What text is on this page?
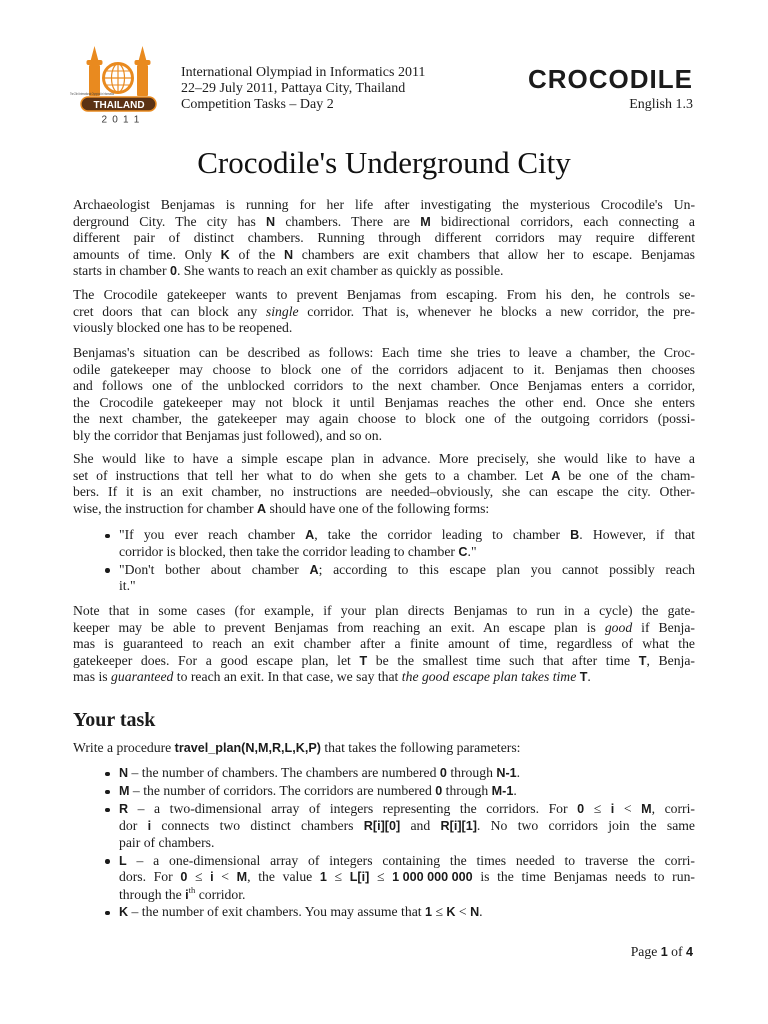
The 23rd International Olympiad in Informatics
THAILAND
2 0 1 1
International Olympiad in Informatics 2011
22–29 July 2011, Pattaya City, Thailand
Competition Tasks – Day 2
CROCODILE
English 1.3
Crocodile's Underground City
Archaeologist Benjamas is running for her life after investigating the mysterious Crocodile's Un-
derground City. The city has N chambers. There are M bidirectional corridors, each connecting a
different pair of distinct chambers. Running through different corridors may require different
amounts of time. Only K of the N chambers are exit chambers that allow her to escape. Benjamas
starts in chamber 0. She wants to reach an exit chamber as quickly as possible.
The Crocodile gatekeeper wants to prevent Benjamas from escaping. From his den, he controls se-
cret doors that can block any single corridor. That is, whenever he blocks a new corridor, the pre-
viously blocked one has to be reopened.
Benjamas's situation can be described as follows: Each time she tries to leave a chamber, the Croc-
odile gatekeeper may choose to block one of the corridors adjacent to it. Benjamas then chooses
and follows one of the unblocked corridors to the next chamber. Once Benjamas enters a corridor,
the Crocodile gatekeeper may not block it until Benjamas reaches the other end. Once she enters
the next chamber, the gatekeeper may again choose to block one of the outgoing corridors (possi-
bly the corridor that Benjamas just followed), and so on.
She would like to have a simple escape plan in advance. More precisely, she would like to have a
set of instructions that tell her what to do when she gets to a chamber. Let A be one of the cham-
bers. If it is an exit chamber, no instructions are needed–obviously, she can escape the city. Other-
wise, the instruction for chamber A should have one of the following forms:
"If you ever reach chamber A, take the corridor leading to chamber B. However, if that
corridor is blocked, then take the corridor leading to chamber C."
"Don't bother about chamber A; according to this escape plan you cannot possibly reach
it."
Note that in some cases (for example, if your plan directs Benjamas to run in a cycle) the gate-
keeper may be able to prevent Benjamas from reaching an exit. An escape plan is good if Benja-
mas is guaranteed to reach an exit chamber after a finite amount of time, regardless of what the
gatekeeper does. For a good escape plan, let T be the smallest time such that after time T, Benja-
mas is guaranteed to reach an exit. In that case, we say that the good escape plan takes time T.
Your task
Write a procedure travel_plan(N,M,R,L,K,P) that takes the following parameters:
N – the number of chambers. The chambers are numbered 0 through N-1.
M – the number of corridors. The corridors are numbered 0 through M-1.
R – a two-dimensional array of integers representing the corridors. For 0 ≤ i < M, corri-
dor i connects two distinct chambers R[i][0] and R[i][1]. No two corridors join the same
pair of chambers.
L – a one-dimensional array of integers containing the times needed to traverse the corri-
dors. For 0 ≤ i < M, the value 1 ≤ L[i] ≤ 1 000 000 000 is the time Benjamas needs to run-
through the $i^{th}$ corridor.
K – the number of exit chambers. You may assume that 1 ≤ K < N.
Page 1 of 4
